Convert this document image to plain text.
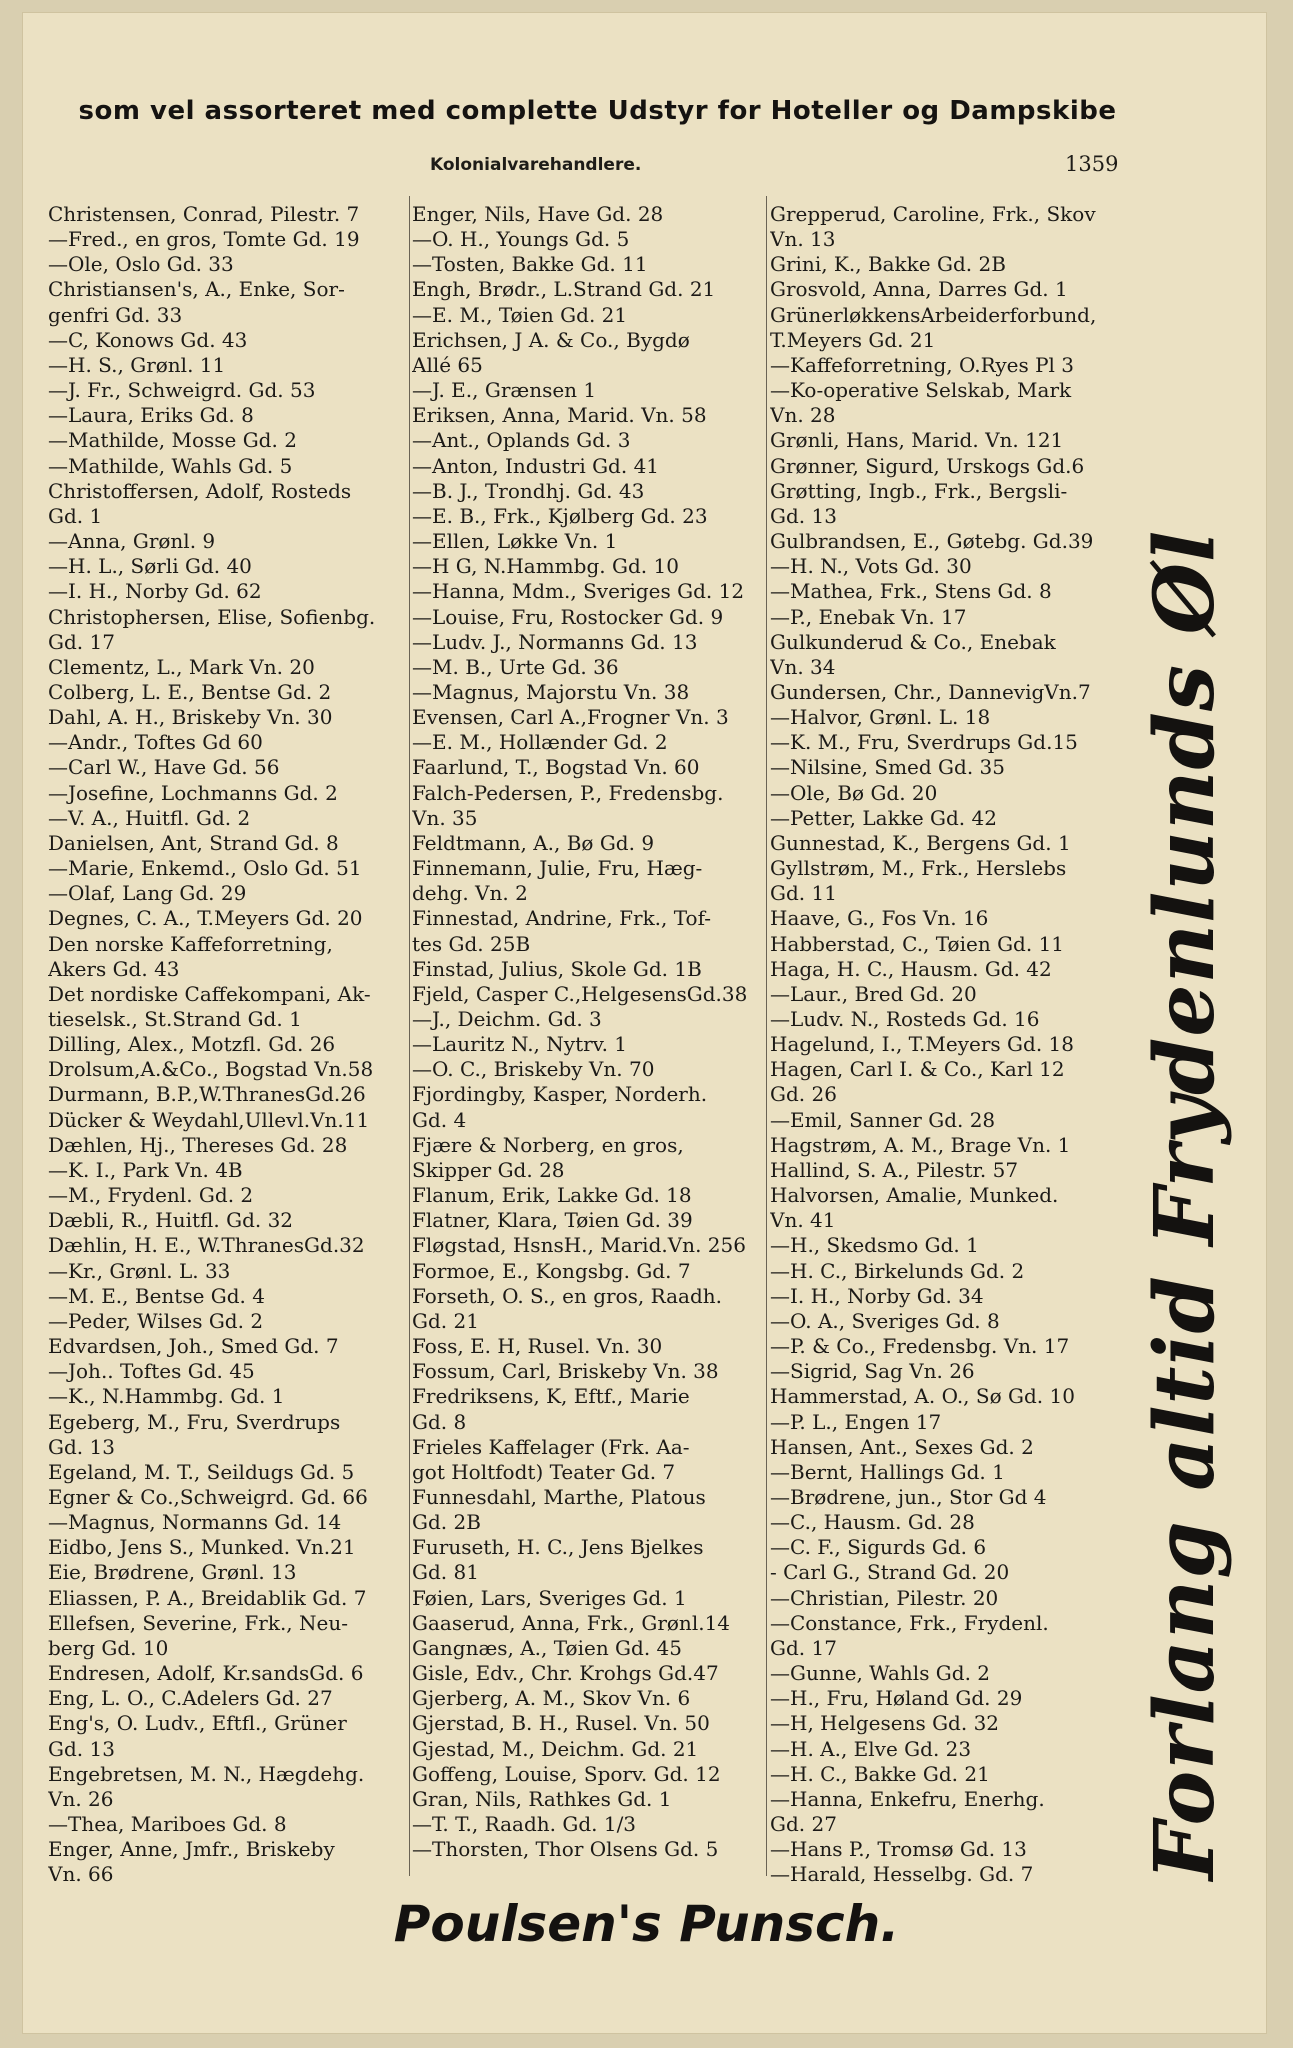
som vel assorteret med complette Udstyr for Hoteller og Dampskibe
Kolonialvarehandlere.	1359
Christensen, Conrad, Pilestr. 7
—Fred., en gros, Tomte Gd. 19
—Ole, Oslo Gd. 33
Christiansen's, A., Enke, Sor-
genfri Gd. 33
—C, Konows Gd. 43
—H. S., Grønl. 11
—J. Fr., Schweigrd. Gd. 53
—Laura, Eriks Gd. 8
—Mathilde, Mosse Gd. 2
—Mathilde, Wahls Gd. 5
Christoffersen, Adolf, Rosteds
Gd. 1
—Anna, Grønl. 9
—H. L., Sørli Gd. 40
—I. H., Norby Gd. 62
Christophersen, Elise, Sofienbg.
Gd. 17
Clementz, L., Mark Vn. 20
Colberg, L. E., Bentse Gd. 2
Dahl, A. H., Briskeby Vn. 30
—Andr., Toftes Gd 60
—Carl W., Have Gd. 56
—Josefine, Lochmanns Gd. 2
—V. A., Huitfl. Gd. 2
Danielsen, Ant, Strand Gd. 8
—Marie, Enkemd., Oslo Gd. 51
—Olaf, Lang Gd. 29
Degnes, C. A., T.Meyers Gd. 20
Den norske Kaffeforretning,
Akers Gd. 43
Det nordiske Caffekompani, Ak-
tieselsk., St.Strand Gd. 1
Dilling, Alex., Motzfl. Gd. 26
Drolsum,A.&Co., Bogstad Vn.58
Durmann, B.P.,W.ThranesGd.26
Dücker & Weydahl,Ullevl.Vn.11
Dæhlen, Hj., Thereses Gd. 28
—K. I., Park Vn. 4B
—M., Frydenl. Gd. 2
Dæbli, R., Huitfl. Gd. 32
Dæhlin, H. E., W.ThranesGd.32
—Kr., Grønl. L. 33
—M. E., Bentse Gd. 4
—Peder, Wilses Gd. 2
Edvardsen, Joh., Smed Gd. 7
—Joh.. Toftes Gd. 45
—K., N.Hammbg. Gd. 1
Egeberg, M., Fru, Sverdrups
Gd. 13
Egeland, M. T., Seildugs Gd. 5
Egner & Co.,Schweigrd. Gd. 66
—Magnus, Normanns Gd. 14
Eidbo, Jens S., Munked. Vn.21
Eie, Brødrene, Grønl. 13
Eliassen, P. A., Breidablik Gd. 7
Ellefsen, Severine, Frk., Neu-
berg Gd. 10
Endresen, Adolf, Kr.sandsGd. 6
Eng, L. O., C.Adelers Gd. 27
Eng's, O. Ludv., Eftfl., Grüner
Gd. 13
Engebretsen, M. N., Hægdehg.
Vn. 26
—Thea, Mariboes Gd. 8
Enger, Anne, Jmfr., Briskeby
Vn. 66
Enger, Nils, Have Gd. 28
—O. H., Youngs Gd. 5
—Tosten, Bakke Gd. 11
Engh, Brødr., L.Strand Gd. 21
—E. M., Tøien Gd. 21
Erichsen, J A. & Co., Bygdø
Allé 65
—J. E., Grænsen 1
Eriksen, Anna, Marid. Vn. 58
—Ant., Oplands Gd. 3
—Anton, Industri Gd. 41
—B. J., Trondhj. Gd. 43
—E. B., Frk., Kjølberg Gd. 23
—Ellen, Løkke Vn. 1
—H G, N.Hammbg. Gd. 10
—Hanna, Mdm., Sveriges Gd. 12
—Louise, Fru, Rostocker Gd. 9
—Ludv. J., Normanns Gd. 13
—M. B., Urte Gd. 36
—Magnus, Majorstu Vn. 38
Evensen, Carl A.,Frogner Vn. 3
—E. M., Hollænder Gd. 2
Faarlund, T., Bogstad Vn. 60
Falch-Pedersen, P., Fredensbg.
Vn. 35
Feldtmann, A., Bø Gd. 9
Finnemann, Julie, Fru, Hæg-
dehg. Vn. 2
Finnestad, Andrine, Frk., Tof-
tes Gd. 25B
Finstad, Julius, Skole Gd. 1B
Fjeld, Casper C.,HelgesensGd.38
—J., Deichm. Gd. 3
—Lauritz N., Nytrv. 1
—O. C., Briskeby Vn. 70
Fjordingby, Kasper, Norderh.
Gd. 4
Fjære & Norberg, en gros,
Skipper Gd. 28
Flanum, Erik, Lakke Gd. 18
Flatner, Klara, Tøien Gd. 39
Fløgstad, HsnsH., Marid.Vn. 256
Formoe, E., Kongsbg. Gd. 7
Forseth, O. S., en gros, Raadh.
Gd. 21
Foss, E. H, Rusel. Vn. 30
Fossum, Carl, Briskeby Vn. 38
Fredriksens, K, Eftf., Marie
Gd. 8
Frieles Kaffelager (Frk. Aa-
got Holtfodt) Teater Gd. 7
Funnesdahl, Marthe, Platous
Gd. 2B
Furuseth, H. C., Jens Bjelkes
Gd. 81
Føien, Lars, Sveriges Gd. 1
Gaaserud, Anna, Frk., Grønl.14
Gangnæs, A., Tøien Gd. 45
Gisle, Edv., Chr. Krohgs Gd.47
Gjerberg, A. M., Skov Vn. 6
Gjerstad, B. H., Rusel. Vn. 50
Gjestad, M., Deichm. Gd. 21
Goffeng, Louise, Sporv. Gd. 12
Gran, Nils, Rathkes Gd. 1
—T. T., Raadh. Gd. 1/3
—Thorsten, Thor Olsens Gd. 5
Grepperud, Caroline, Frk., Skov
Vn. 13
Grini, K., Bakke Gd. 2B
Grosvold, Anna, Darres Gd. 1
GrünerløkkensArbeiderforbund,
T.Meyers Gd. 21
—Kaffeforretning, O.Ryes Pl 3
—Ko-operative Selskab, Mark
Vn. 28
Grønli, Hans, Marid. Vn. 121
Grønner, Sigurd, Urskogs Gd.6
Grøtting, Ingb., Frk., Bergsli-
Gd. 13
Gulbrandsen, E., Gøtebg. Gd.39
—H. N., Vots Gd. 30
—Mathea, Frk., Stens Gd. 8
—P., Enebak Vn. 17
Gulkunderud & Co., Enebak
Vn. 34
Gundersen, Chr., DannevigVn.7
—Halvor, Grønl. L. 18
—K. M., Fru, Sverdrups Gd.15
—Nilsine, Smed Gd. 35
—Ole, Bø Gd. 20
—Petter, Lakke Gd. 42
Gunnestad, K., Bergens Gd. 1
Gyllstrøm, M., Frk., Herslebs
Gd. 11
Haave, G., Fos Vn. 16
Habberstad, C., Tøien Gd. 11
Haga, H. C., Hausm. Gd. 42
—Laur., Bred Gd. 20
—Ludv. N., Rosteds Gd. 16
Hagelund, I., T.Meyers Gd. 18
Hagen, Carl I. & Co., Karl 12
Gd. 26
—Emil, Sanner Gd. 28
Hagstrøm, A. M., Brage Vn. 1
Hallind, S. A., Pilestr. 57
Halvorsen, Amalie, Munked.
Vn. 41
—H., Skedsmo Gd. 1
—H. C., Birkelunds Gd. 2
—I. H., Norby Gd. 34
—O. A., Sveriges Gd. 8
—P. & Co., Fredensbg. Vn. 17
—Sigrid, Sag Vn. 26
Hammerstad, A. O., Sø Gd. 10
—P. L., Engen 17
Hansen, Ant., Sexes Gd. 2
—Bernt, Hallings Gd. 1
—Brødrene, jun., Stor Gd 4
—C., Hausm. Gd. 28
—C. F., Sigurds Gd. 6
- Carl G., Strand Gd. 20
—Christian, Pilestr. 20
—Constance, Frk., Frydenl.
Gd. 17
—Gunne, Wahls Gd. 2
—H., Fru, Høland Gd. 29
—H, Helgesens Gd. 32
—H. A., Elve Gd. 23
—H. C., Bakke Gd. 21
—Hanna, Enkefru, Enerhg.
Gd. 27
—Hans P., Tromsø Gd. 13
—Harald, Hesselbg. Gd. 7	Forlang altid Frydenlunds Øl
Poulsen's Punsch.
